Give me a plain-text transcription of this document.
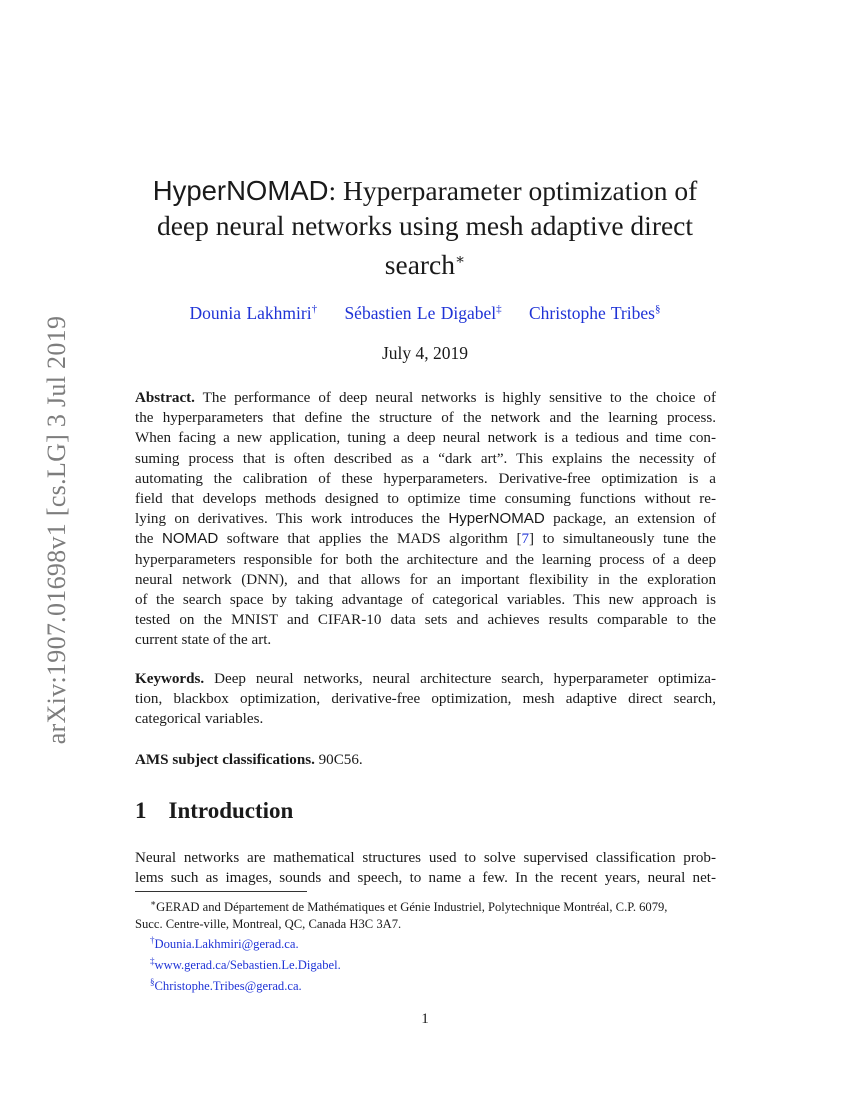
arXiv:1907.01698v1 [cs.LG] 3 Jul 2019
HyperNOMAD: Hyperparameter optimization of
deep neural networks using mesh adaptive direct
search∗
Dounia Lakhmiri† Sébastien Le Digabel‡ Christophe Tribes§
July 4, 2019
Abstract. The performance of deep neural networks is highly sensitive to the choice of
the hyperparameters that define the structure of the network and the learning process.
When facing a new application, tuning a deep neural network is a tedious and time con-
suming process that is often described as a “dark art”. This explains the necessity of
automating the calibration of these hyperparameters. Derivative-free optimization is a
field that develops methods designed to optimize time consuming functions without re-
lying on derivatives. This work introduces the HyperNOMAD package, an extension of
the NOMAD software that applies the MADS algorithm [7] to simultaneously tune the
hyperparameters responsible for both the architecture and the learning process of a deep
neural network (DNN), and that allows for an important flexibility in the exploration
of the search space by taking advantage of categorical variables. This new approach is
tested on the MNIST and CIFAR-10 data sets and achieves results comparable to the
current state of the art.
Keywords. Deep neural networks, neural architecture search, hyperparameter optimiza-
tion, blackbox optimization, derivative-free optimization, mesh adaptive direct search,
categorical variables.
AMS subject classifications. 90C56.
1 Introduction
Neural networks are mathematical structures used to solve supervised classification prob-
lems such as images, sounds and speech, to name a few. In the recent years, neural net-
∗GERAD and Département de Mathématiques et Génie Industriel, Polytechnique Montréal, C.P. 6079,
Succ. Centre-ville, Montreal, QC, Canada H3C 3A7.
†Dounia.Lakhmiri@gerad.ca.
‡www.gerad.ca/Sebastien.Le.Digabel.
§Christophe.Tribes@gerad.ca.
1
